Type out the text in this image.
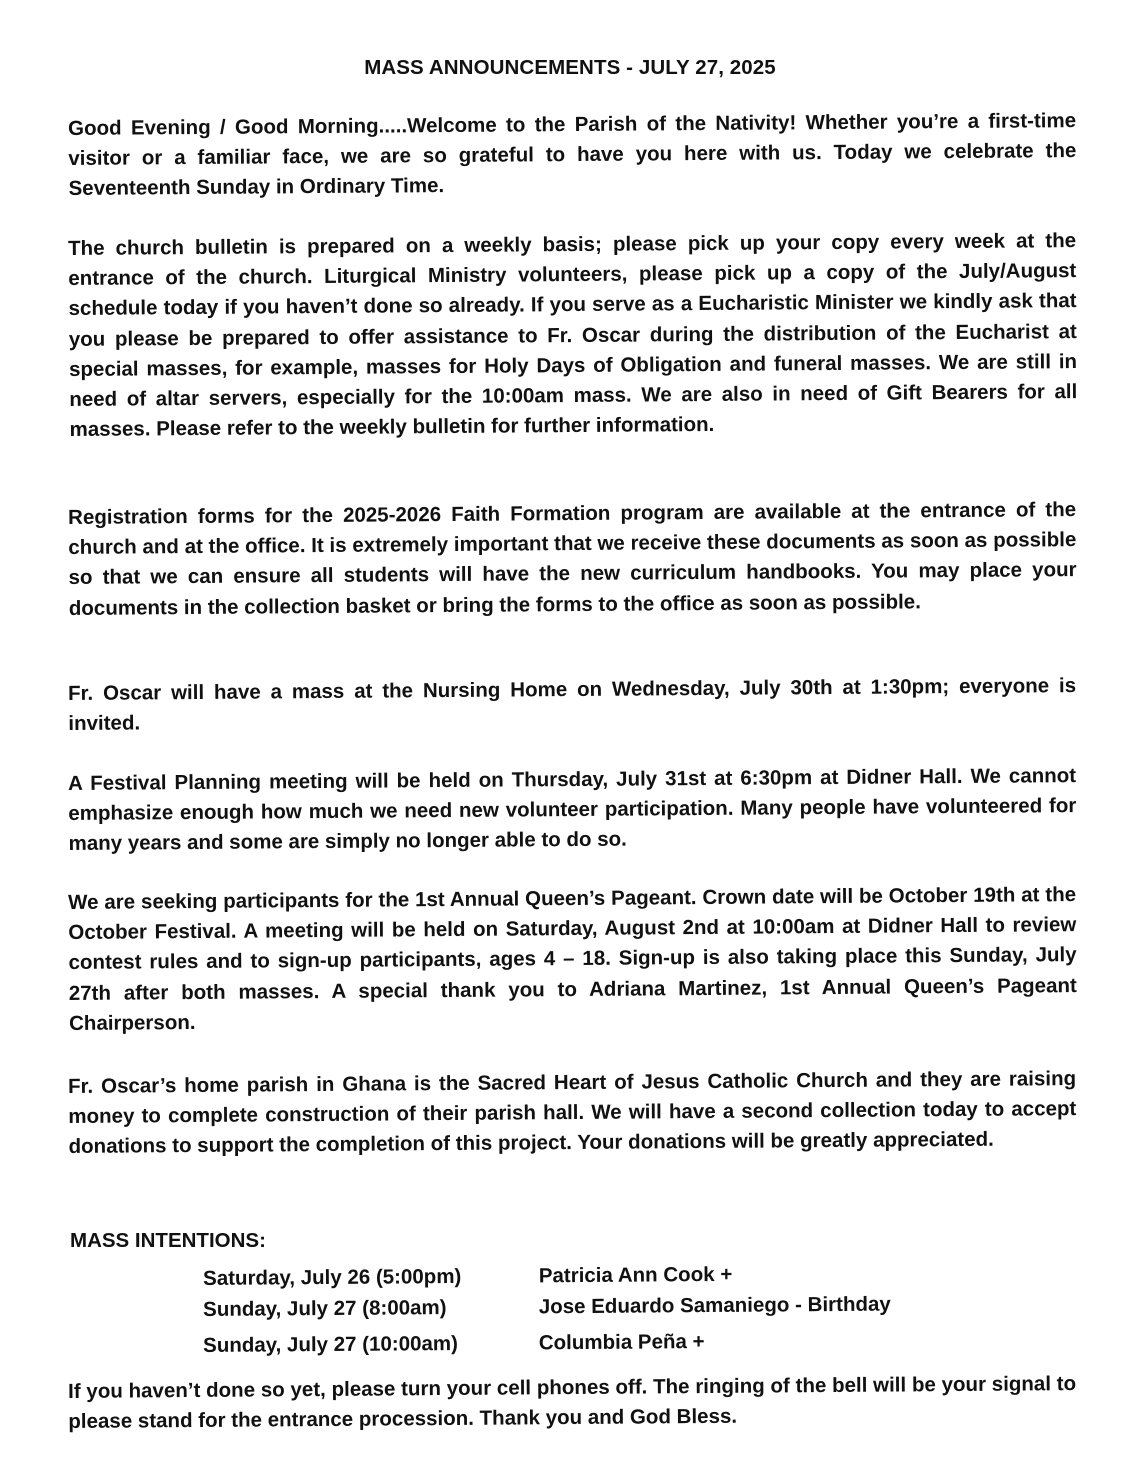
MASS ANNOUNCEMENTS - JULY 27, 2025

Good Evening / Good Morning.....Welcome to the Parish of the Nativity! Whether you’re a first-time visitor or a familiar face, we are so grateful to have you here with us. Today we celebrate the Seventeenth Sunday in Ordinary Time.

The church bulletin is prepared on a weekly basis; please pick up your copy every week at the entrance of the church. Liturgical Ministry volunteers, please pick up a copy of the July/August schedule today if you haven’t done so already. If you serve as a Eucharistic Minister we kindly ask that you please be prepared to offer assistance to Fr. Oscar during the distribution of the Eucharist at special masses, for example, masses for Holy Days of Obligation and funeral masses. We are still in need of altar servers, especially for the 10:00am mass. We are also in need of Gift Bearers for all masses. Please refer to the weekly bulletin for further information.

Registration forms for the 2025-2026 Faith Formation program are available at the entrance of the church and at the office. It is extremely important that we receive these documents as soon as possible so that we can ensure all students will have the new curriculum handbooks. You may place your documents in the collection basket or bring the forms to the office as soon as possible.

Fr. Oscar will have a mass at the Nursing Home on Wednesday, July 30th at 1:30pm; everyone is invited.

A Festival Planning meeting will be held on Thursday, July 31st at 6:30pm at Didner Hall. We cannot emphasize enough how much we need new volunteer participation. Many people have volunteered for many years and some are simply no longer able to do so.

We are seeking participants for the 1st Annual Queen’s Pageant. Crown date will be October 19th at the October Festival. A meeting will be held on Saturday, August 2nd at 10:00am at Didner Hall to review contest rules and to sign-up participants, ages 4 – 18. Sign-up is also taking place this Sunday, July 27th after both masses. A special thank you to Adriana Martinez, 1st Annual Queen’s Pageant Chairperson.

Fr. Oscar’s home parish in Ghana is the Sacred Heart of Jesus Catholic Church and they are raising money to complete construction of their parish hall. We will have a second collection today to accept donations to support the completion of this project. Your donations will be greatly appreciated.

MASS INTENTIONS:
Saturday, July 26 (5:00pm)	Patricia Ann Cook +
Sunday, July 27 (8:00am)	Jose Eduardo Samaniego - Birthday
Sunday, July 27 (10:00am)	Columbia Peña +

If you haven’t done so yet, please turn your cell phones off. The ringing of the bell will be your signal to please stand for the entrance procession. Thank you and God Bless.
